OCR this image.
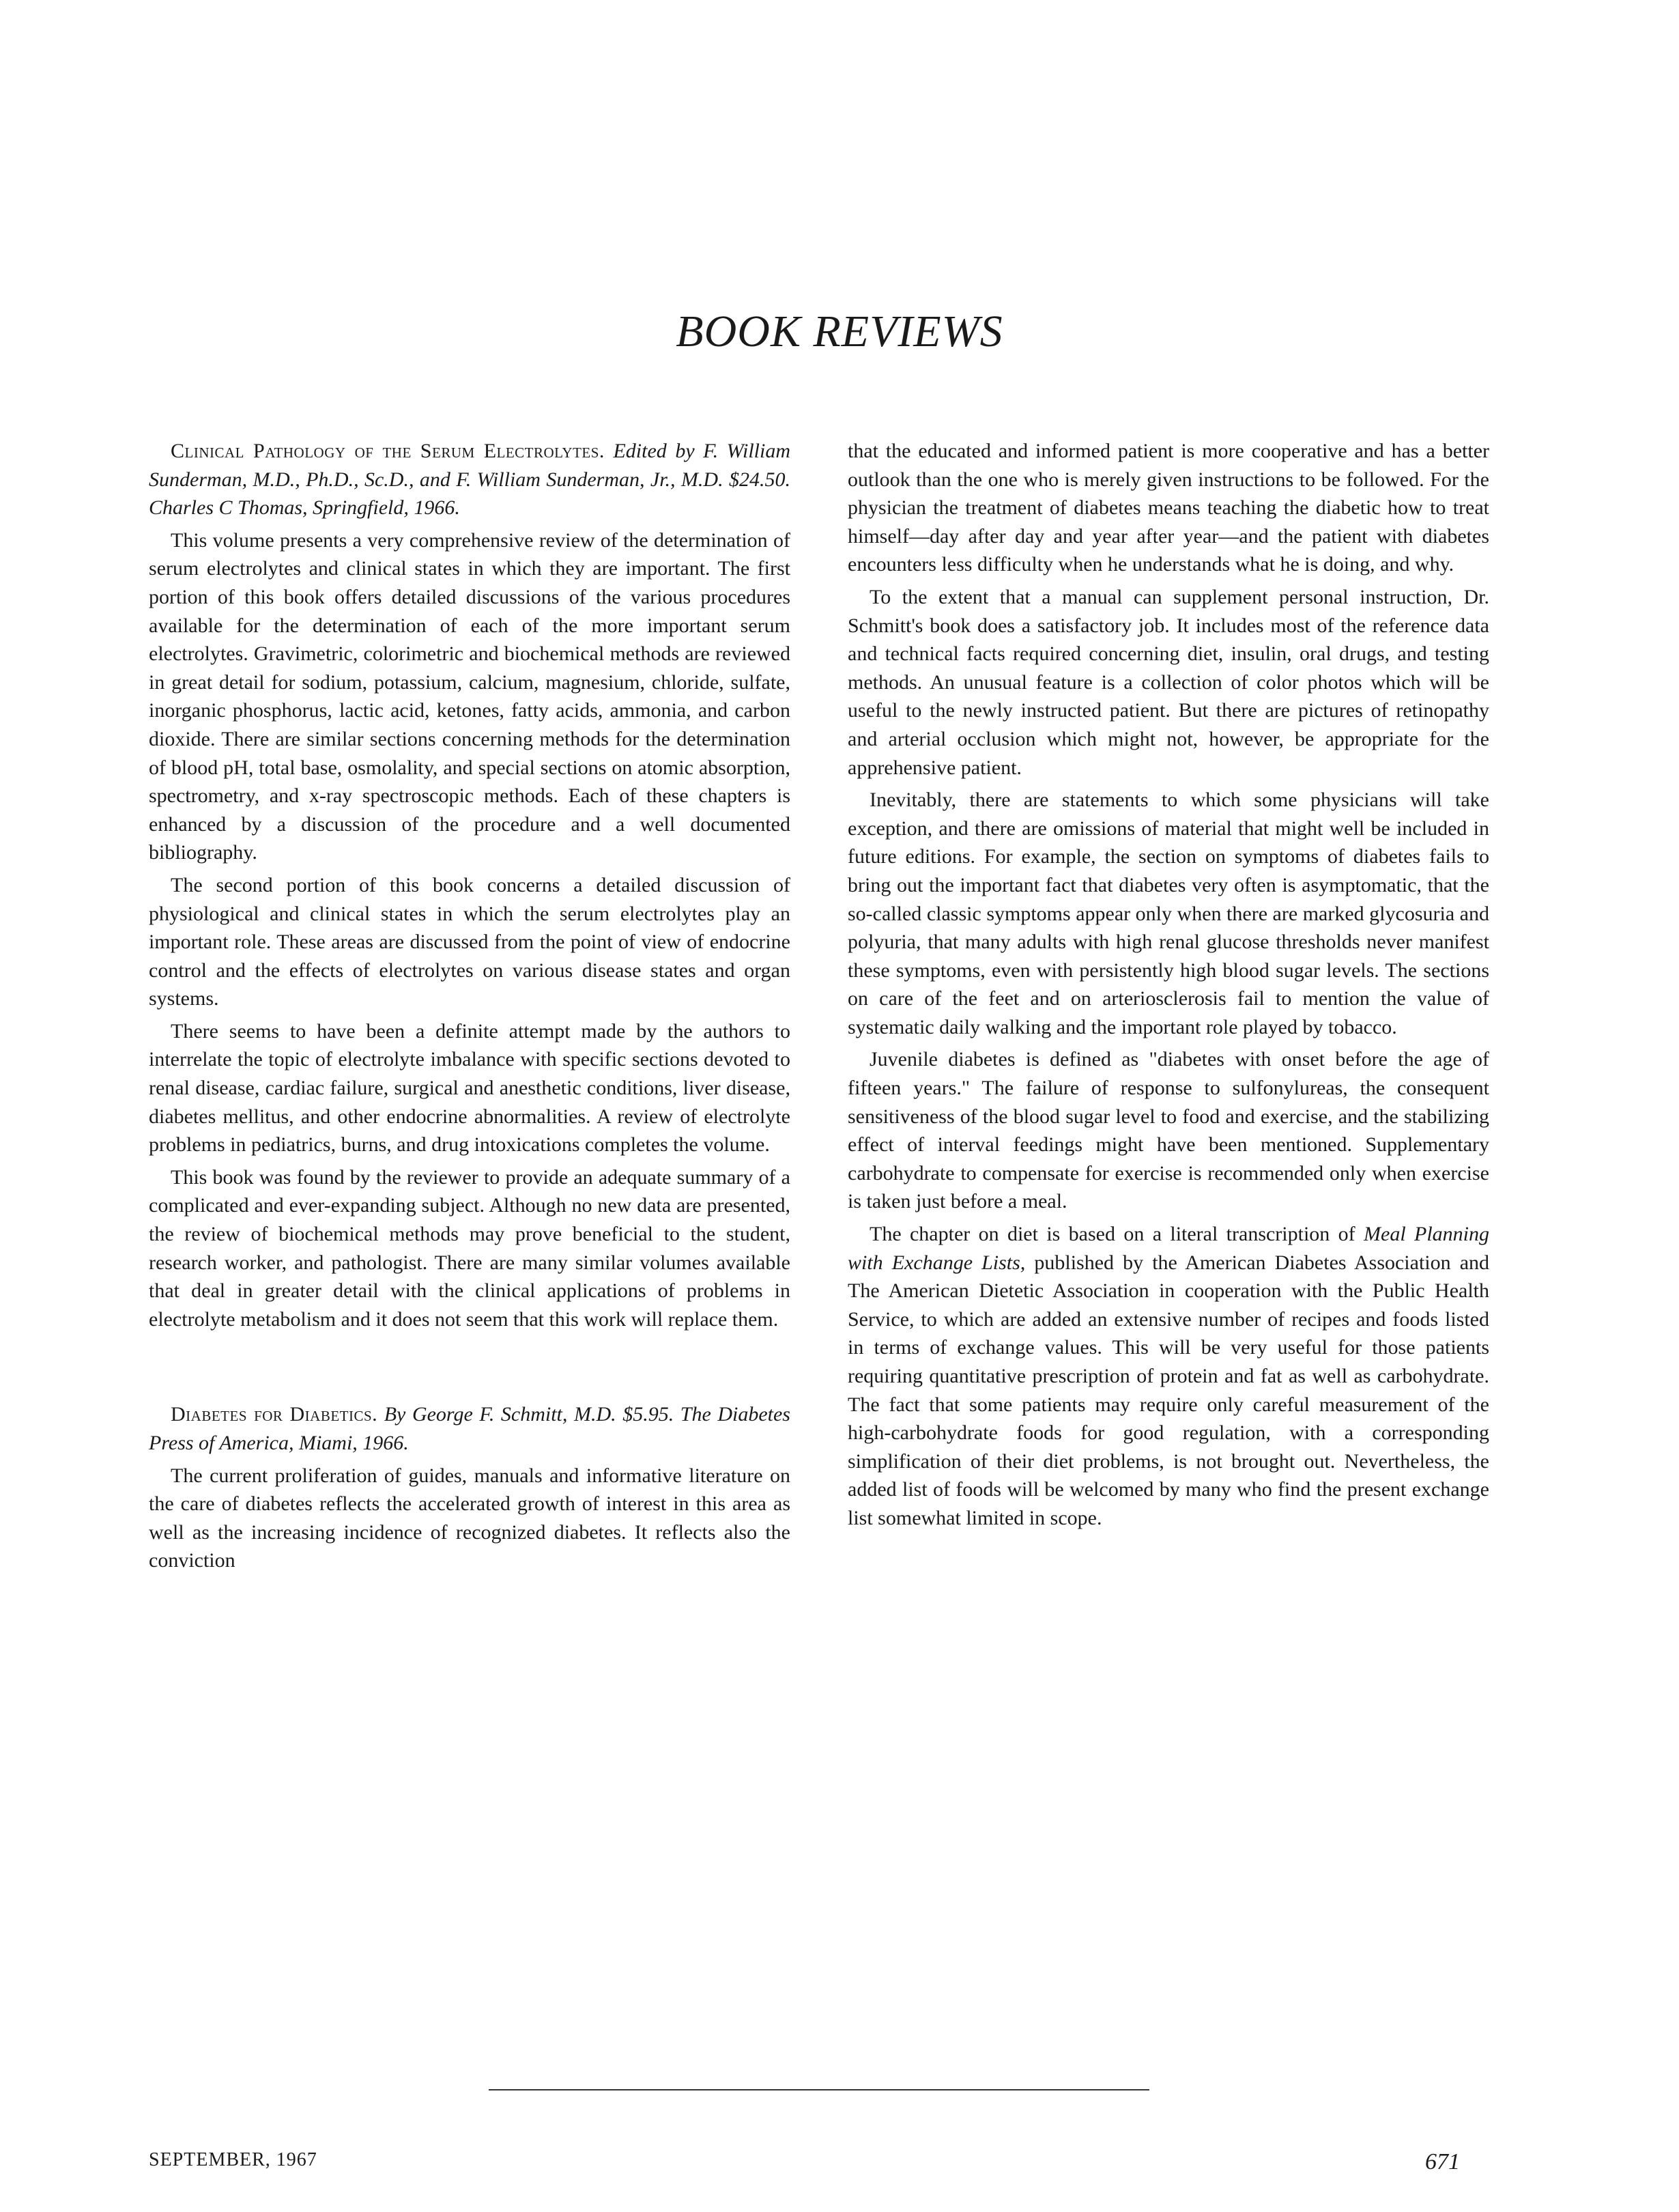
BOOK REVIEWS

Clinical Pathology of the Serum Electrolytes. Edited by F. William Sunderman, M.D., Ph.D., Sc.D., and F. William Sunderman, Jr., M.D. $24.50. Charles C Thomas, Springfield, 1966.

This volume presents a very comprehensive review of the determination of serum electrolytes and clinical states in which they are important. The first portion of this book offers detailed discussions of the various procedures available for the determination of each of the more important serum electrolytes. Gravimetric, colorimetric and biochemical methods are reviewed in great detail for sodium, potassium, calcium, magnesium, chloride, sulfate, inorganic phosphorus, lactic acid, ketones, fatty acids, ammonia, and carbon dioxide. There are similar sections concerning methods for the determination of blood pH, total base, osmolality, and special sections on atomic absorption, spectrometry, and x-ray spectroscopic methods. Each of these chapters is enhanced by a discussion of the procedure and a well documented bibliography.

The second portion of this book concerns a detailed discussion of physiological and clinical states in which the serum electrolytes play an important role. These areas are discussed from the point of view of endocrine control and the effects of electrolytes on various disease states and organ systems.

There seems to have been a definite attempt made by the authors to interrelate the topic of electrolyte imbalance with specific sections devoted to renal disease, cardiac failure, surgical and anesthetic conditions, liver disease, diabetes mellitus, and other endocrine abnormalities. A review of electrolyte problems in pediatrics, burns, and drug intoxications completes the volume.

This book was found by the reviewer to provide an adequate summary of a complicated and ever-expanding subject. Although no new data are presented, the review of biochemical methods may prove beneficial to the student, research worker, and pathologist. There are many similar volumes available that deal in greater detail with the clinical applications of problems in electrolyte metabolism and it does not seem that this work will replace them.

Diabetes for Diabetics. By George F. Schmitt, M.D. $5.95. The Diabetes Press of America, Miami, 1966.

The current proliferation of guides, manuals and informative literature on the care of diabetes reflects the accelerated growth of interest in this area as well as the increasing incidence of recognized diabetes. It reflects also the conviction

that the educated and informed patient is more cooperative and has a better outlook than the one who is merely given instructions to be followed. For the physician the treatment of diabetes means teaching the diabetic how to treat himself—day after day and year after year—and the patient with diabetes encounters less difficulty when he understands what he is doing, and why.

To the extent that a manual can supplement personal instruction, Dr. Schmitt's book does a satisfactory job. It includes most of the reference data and technical facts required concerning diet, insulin, oral drugs, and testing methods. An unusual feature is a collection of color photos which will be useful to the newly instructed patient. But there are pictures of retinopathy and arterial occlusion which might not, however, be appropriate for the apprehensive patient.

Inevitably, there are statements to which some physicians will take exception, and there are omissions of material that might well be included in future editions. For example, the section on symptoms of diabetes fails to bring out the important fact that diabetes very often is asymptomatic, that the so-called classic symptoms appear only when there are marked glycosuria and polyuria, that many adults with high renal glucose thresholds never manifest these symptoms, even with persistently high blood sugar levels. The sections on care of the feet and on arteriosclerosis fail to mention the value of systematic daily walking and the important role played by tobacco.

Juvenile diabetes is defined as "diabetes with onset before the age of fifteen years." The failure of response to sulfonylureas, the consequent sensitiveness of the blood sugar level to food and exercise, and the stabilizing effect of interval feedings might have been mentioned. Supplementary carbohydrate to compensate for exercise is recommended only when exercise is taken just before a meal.

The chapter on diet is based on a literal transcription of Meal Planning with Exchange Lists, published by the American Diabetes Association and The American Dietetic Association in cooperation with the Public Health Service, to which are added an extensive number of recipes and foods listed in terms of exchange values. This will be very useful for those patients requiring quantitative prescription of protein and fat as well as carbohydrate. The fact that some patients may require only careful measurement of the high-carbohydrate foods for good regulation, with a corresponding simplification of their diet problems, is not brought out. Nevertheless, the added list of foods will be welcomed by many who find the present exchange list somewhat limited in scope.

SEPTEMBER, 1967	671
